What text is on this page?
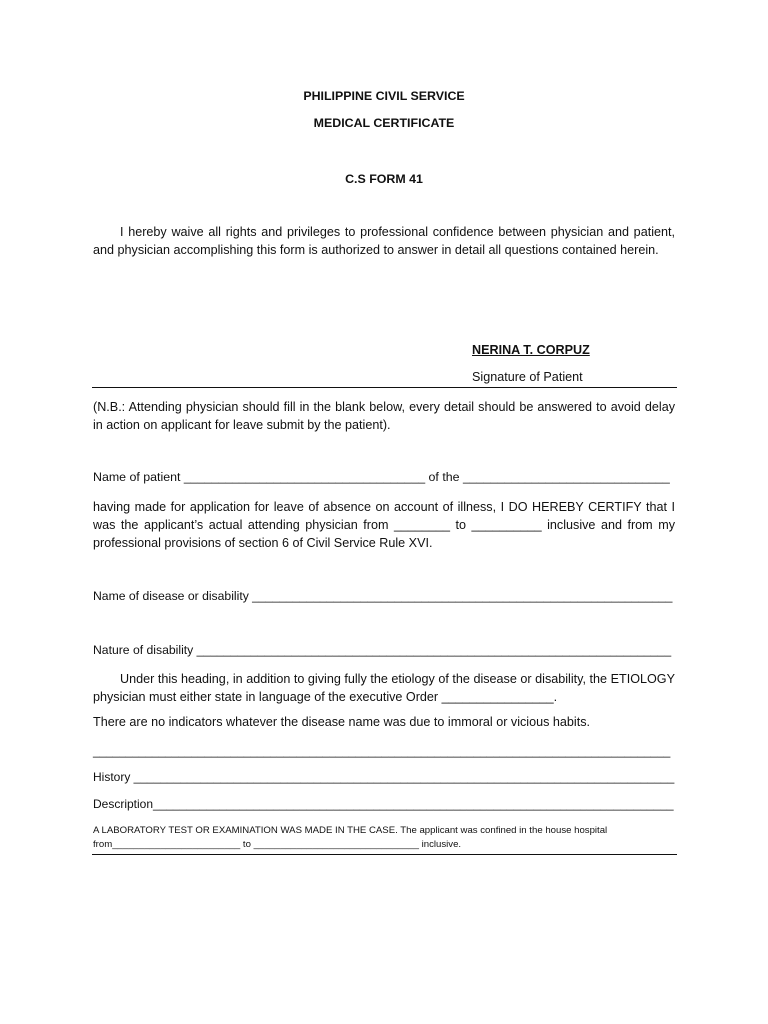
PHILIPPINE CIVIL SERVICE
MEDICAL CERTIFICATE
C.S FORM 41
I hereby waive all rights and privileges to professional confidence between physician and patient, and physician accomplishing this form is authorized to answer in detail all questions contained herein.
NERINA T. CORPUZ
Signature of Patient
(N.B.: Attending physician should fill in the blank below, every detail should be answered to avoid delay in action on applicant for leave submit by the patient).
Name of patient ___________________________________ of the ______________________________
having made for application for leave of absence on account of illness, I DO HEREBY CERTIFY that I was the applicant’s actual attending physician from ________ to __________ inclusive and from my professional provisions of section 6 of Civil Service Rule XVI.
Name of disease or disability ______________________________________________________________
Nature of disability ______________________________________________________________________
Under this heading, in addition to giving fully the etiology of the disease or disability, the ETIOLOGY physician must either state in language of the executive Order ________________.
There are no indicators whatever the disease name was due to immoral or vicious habits.
________________________________________________________________________________________
History _________________________________________________________________________________
Description______________________________________________________________________________
A LABORATORY TEST OR EXAMINATION WAS MADE IN THE CASE. The applicant was confined in the house hospital
from________________________ to _______________________________ inclusive.
